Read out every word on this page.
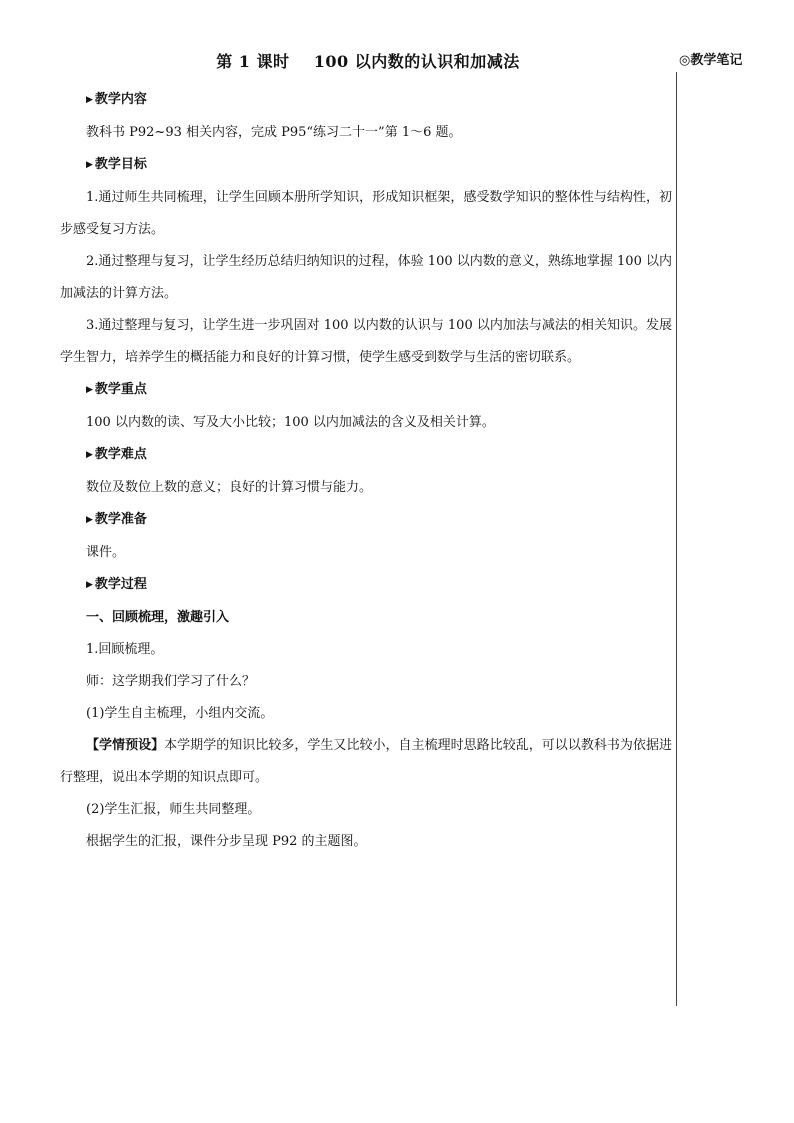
第 1 课时    100 以内数的认识和加减法	◎教学笔记
▶ 教学内容
教科书 P92~93 相关内容，完成 P95“练习二十一”第 1～6 题。
▶ 教学目标
1.通过师生共同梳理，让学生回顾本册所学知识，形成知识框架，感受数学知识的整体性与结构性，初步感受复习方法。
2.通过整理与复习，让学生经历总结归纳知识的过程，体验 100 以内数的意义，熟练地掌握 100 以内加减法的计算方法。
3.通过整理与复习，让学生进一步巩固对 100 以内数的认识与 100 以内加法与减法的相关知识。发展学生智力，培养学生的概括能力和良好的计算习惯，使学生感受到数学与生活的密切联系。
▶ 教学重点
100 以内数的读、写及大小比较；100 以内加减法的含义及相关计算。
▶ 教学难点
数位及数位上数的意义；良好的计算习惯与能力。
▶ 教学准备
课件。
▶ 教学过程
一、回顾梳理，激趣引入
1.回顾梳理。
师：这学期我们学习了什么？
(1)学生自主梳理，小组内交流。
【学情预设】本学期学的知识比较多，学生又比较小，自主梳理时思路比较乱，可以以教科书为依据进行整理，说出本学期的知识点即可。
(2)学生汇报，师生共同整理。
根据学生的汇报，课件分步呈现 P92 的主题图。
